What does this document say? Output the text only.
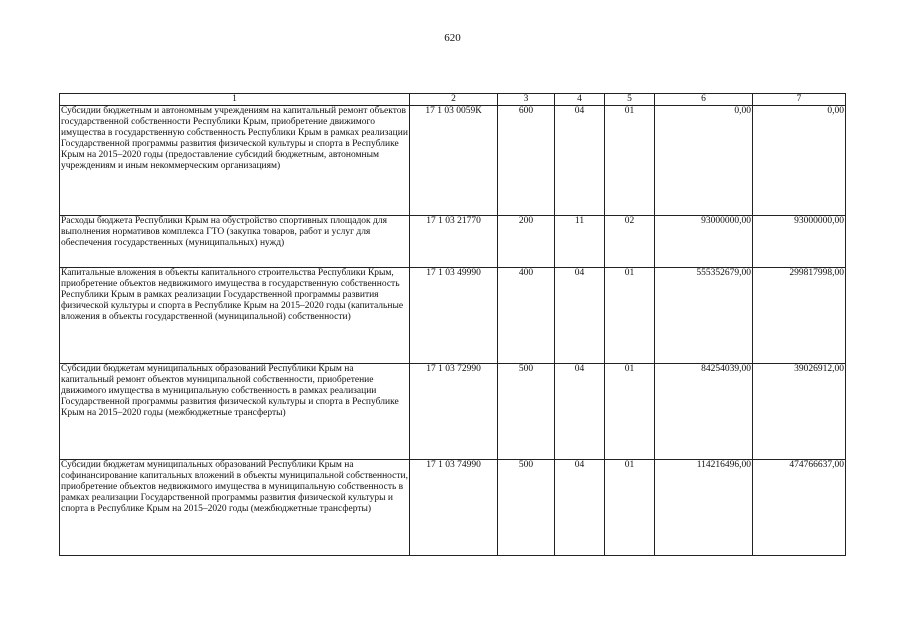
620
1	2	3	4	5	6	7
Субсидии бюджетным и автономным учреждениям на капитальный ремонт объектов государственной собственности Республики Крым, приобретение движимого имущества в государственную собственность Республики Крым в рамках реализации Государственной программы развития физической культуры и спорта в Республике Крым на 2015–2020 годы (предоставление субсидий бюджетным, автономным учреждениям и иным некоммерческим организациям)	17 1 03 0059К	600	04	01	0,00	0,00
Расходы бюджета Республики Крым на обустройство спортивных площадок для выполнения нормативов комплекса ГТО (закупка товаров, работ и услуг для обеспечения государственных (муниципальных) нужд)	17 1 03 21770	200	11	02	93000000,00	93000000,00
Капитальные вложения в объекты капитального строительства Республики Крым, приобретение объектов недвижимого имущества в государственную собственность Республики Крым в рамках реализации Государственной программы развития физической культуры и спорта в Республике Крым на 2015–2020 годы (капитальные вложения в объекты государственной (муниципальной) собственности)	17 1 03 49990	400	04	01	555352679,00	299817998,00
Субсидии бюджетам муниципальных образований Республики Крым на капитальный ремонт объектов муниципальной собственности, приобретение движимого имущества в муниципальную собственность в рамках реализации Государственной программы развития физической культуры и спорта в Республике Крым на 2015–2020 годы (межбюджетные трансферты)	17 1 03 72990	500	04	01	84254039,00	39026912,00
Субсидии бюджетам муниципальных образований Республики Крым на софинансирование капитальных вложений в объекты муниципальной собственности, приобретение объектов недвижимого имущества в муниципальную собственность в рамках реализации Государственной программы развития физической культуры и спорта в Республике Крым на 2015–2020 годы (межбюджетные трансферты)	17 1 03 74990	500	04	01	114216496,00	474766637,00
